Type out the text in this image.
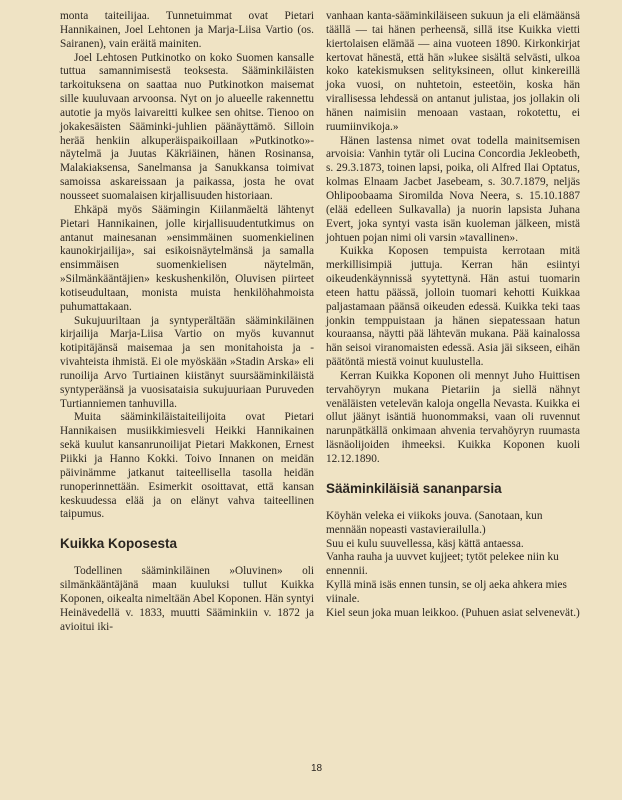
monta taiteilijaa. Tunnetuimmat ovat Pietari Hannikainen, Joel Lehtonen ja Marja-Liisa Vartio (os. Sairanen), vain eräitä mainiten.

Joel Lehtosen Putkinotko on koko Suomen kansalle tuttua samannimisestä teoksesta. Sääminkiläisten tarkoituksena on saattaa nuo Putkinotkon maisemat sille kuuluvaan arvoonsa. Nyt on jo alueelle rakennettu autotie ja myös laivareitti kulkee sen ohitse. Tienoo on jokakesäisten Sääminki-juhlien päänäyttämö. Silloin herää henkiin alkuperäispaikoillaan »Putkinotko»-näytelmä ja Juutas Käkriäinen, hänen Rosinansa, Malakiaksensa, Sanelmansa ja Sanukkansa toimivat samoissa askareissaan ja paikassa, josta he ovat nousseet suomalaisen kirjallisuuden historiaan.

Ehkäpä myös Säämingin Kiilanmäeltä lähtenyt Pietari Hannikainen, jolle kirjallisuudentutkimus on antanut mainesanan »ensimmäinen suomenkielinen kaunokirjailija», sai esikoisnäytelmänsä ja samalla ensimmäisen suomenkielisen näytelmän, »Silmänkääntäjien» keskushenkilön, Oluvisen piirteet kotiseudultaan, monista muista henkilöhahmoista puhumattakaan.

Sukujuuriltaan ja syntyperältään sääminkiläinen kirjailija Marja-Liisa Vartio on myös kuvannut kotipitäjänsä maisemaa ja sen monitahoista ja -vivahteista ihmistä. Ei ole myöskään »Stadin Arska» eli runoilija Arvo Turtiainen kiistänyt suursääminkiläistä syntyperäänsä ja vuosisataisia sukujuuriaan Puruveden Turtianniemen tanhuvilla.

Muita sääminkiläistaiteilijoita ovat Pietari Hannikaisen musiikkimiesveli Heikki Hannikainen sekä kuulut kansanrunoilijat Pietari Makkonen, Ernest Piikki ja Hanno Kokki. Toivo Innanen on meidän päivinämme jatkanut taiteellisella tasolla heidän runoperinnettään. Esimerkit osoittavat, että kansan keskuudessa elää ja on elänyt vahva taiteellinen taipumus.

Kuikka Koposesta

Todellinen sääminkiläinen »Oluvinen» oli silmänkääntäjänä maan kuuluksi tullut Kuikka Koponen, oikealta nimeltään Abel Koponen. Hän syntyi Heinävedellä v. 1833, muutti Sääminkiin v. 1872 ja avioitui iki-

vanhaan kanta-sääminkiläiseen sukuun ja eli elämäänsä täällä — tai hänen perheensä, sillä itse Kuikka vietti kiertolaisen elämää — aina vuoteen 1890. Kirkonkirjat kertovat hänestä, että hän »lukee sisältä selvästi, ulkoa koko katekismuksen selityksineen, ollut kinkereillä joka vuosi, on nuhtetoin, esteetöin, koska hän virallisessa lehdessä on antanut julistaa, jos jollakin oli hänen naimisiin menoaan vastaan, rokotettu, ei ruumiinvikoja.»

Hänen lastensa nimet ovat todella mainitsemisen arvoisia: Vanhin tytär oli Lucina Concordia Jekleobeth, s. 29.3.1873, toinen lapsi, poika, oli Alfred Ilai Optatus, kolmas Elnaam Jacbet Jasebeam, s. 30.7.1879, neljäs Ohlipoobaama Siromilda Nova Neera, s. 15.10.1887 (elää edelleen Sulkavalla) ja nuorin lapsista Juhana Evert, joka syntyi vasta isän kuoleman jälkeen, mistä johtuen pojan nimi oli varsin »tavallinen».

Kuikka Koposen tempuista kerrotaan mitä merkillisimpiä juttuja. Kerran hän esiintyi oikeudenkäynnissä syytettynä. Hän astui tuomarin eteen hattu päässä, jolloin tuomari kehotti Kuikkaa paljastamaan päänsä oikeuden edessä. Kuikka teki taas jonkin temppuistaan ja hänen siepatessaan hatun kouraansa, näytti pää lähtevän mukana. Pää kainalossa hän seisoi viranomaisten edessä. Asia jäi sikseen, eihän päätöntä miestä voinut kuulustella.

Kerran Kuikka Koponen oli mennyt Juho Huittisen tervahöyryn mukana Pietariin ja siellä nähnyt venäläisten vetelevän kaloja ongella Nevasta. Kuikka ei ollut jäänyt isäntiä huonommaksi, vaan oli ruvennut narunpätkällä onkimaan ahvenia tervahöyryn ruumasta läsnäolijoiden ihmeeksi. Kuikka Koponen kuoli 12.12.1890.

Sääminkiläisiä sananparsia

Köyhän veleka ei viikoks jouva. (Sanotaan, kun mennään nopeasti vastavierailulla.)

Suu ei kulu suuvellessa, käsj kättä antaessa.

Vanha rauha ja uuvvet kujjeet; tytöt pelekee niin ku ennennii.

Kyllä minä isäs ennen tunsin, se olj aeka ahkera mies viinale.

Kiel seun joka muan leikkoo. (Puhuen asiat selvenevät.)

18
